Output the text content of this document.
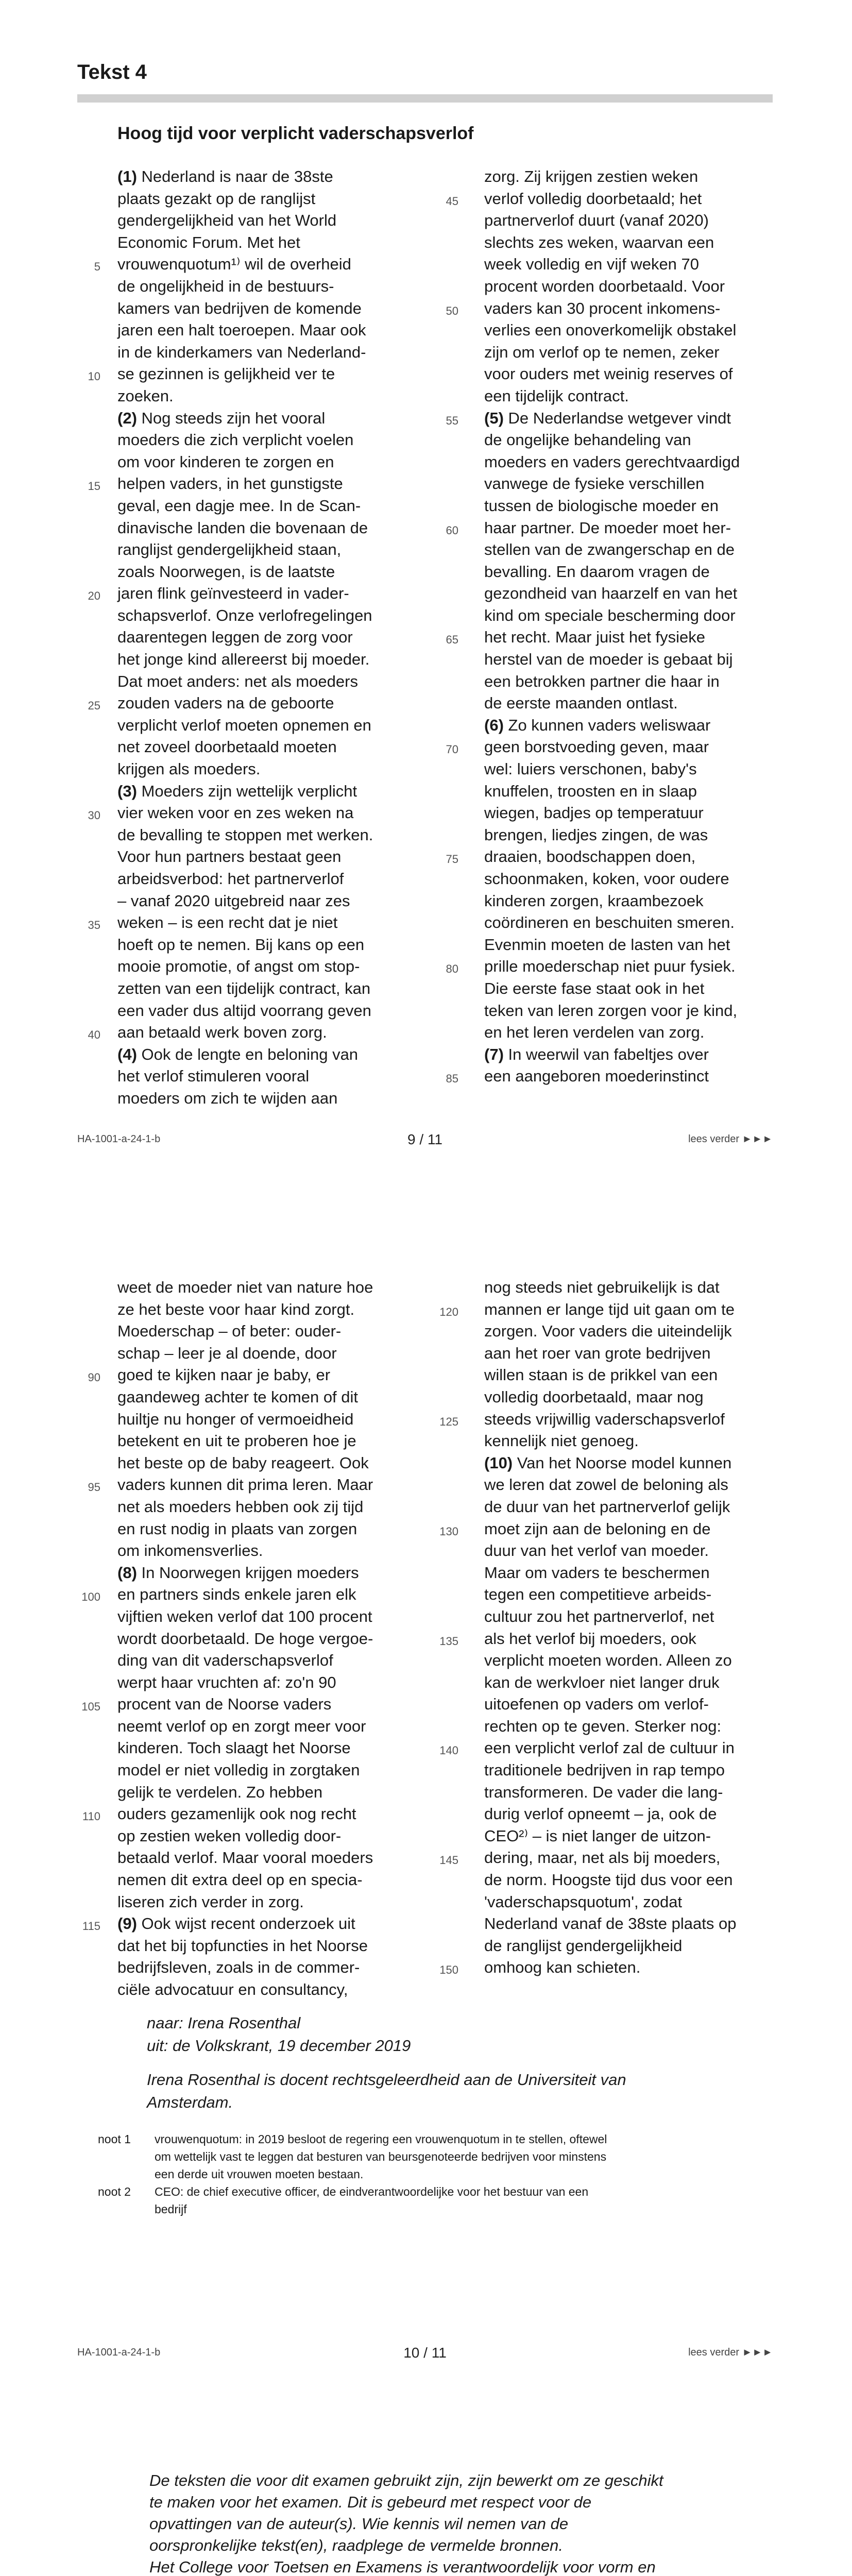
Tekst 4
Hoog tijd voor verplicht vaderschapsverlof
(1) Nederland is naar de 38ste
plaats gezakt op de ranglijst
gendergelijkheid van het World
Economic Forum. Met het
5 vrouwenquotum¹⁾ wil de overheid
de ongelijkheid in de bestuurs-
kamers van bedrijven de komende
jaren een halt toeroepen. Maar ook
in de kinderkamers van Nederland-
10 se gezinnen is gelijkheid ver te
zoeken.
(2) Nog steeds zijn het vooral
moeders die zich verplicht voelen
om voor kinderen te zorgen en
15 helpen vaders, in het gunstigste
geval, een dagje mee. In de Scan-
dinavische landen die bovenaan de
ranglijst gendergelijkheid staan,
zoals Noorwegen, is de laatste
20 jaren flink geïnvesteerd in vader-
schapsverlof. Onze verlofregelingen
daarentegen leggen de zorg voor
het jonge kind allereerst bij moeder.
Dat moet anders: net als moeders
25 zouden vaders na de geboorte
verplicht verlof moeten opnemen en
net zoveel doorbetaald moeten
krijgen als moeders.
(3) Moeders zijn wettelijk verplicht
30 vier weken voor en zes weken na
de bevalling te stoppen met werken.
Voor hun partners bestaat geen
arbeidsverbod: het partnerverlof
– vanaf 2020 uitgebreid naar zes
35 weken – is een recht dat je niet
hoeft op te nemen. Bij kans op een
mooie promotie, of angst om stop-
zetten van een tijdelijk contract, kan
een vader dus altijd voorrang geven
40 aan betaald werk boven zorg.
(4) Ook de lengte en beloning van
het verlof stimuleren vooral
moeders om zich te wijden aan
zorg. Zij krijgen zestien weken
45 verlof volledig doorbetaald; het
partnerverlof duurt (vanaf 2020)
slechts zes weken, waarvan een
week volledig en vijf weken 70
procent worden doorbetaald. Voor
50 vaders kan 30 procent inkomens-
verlies een onoverkomelijk obstakel
zijn om verlof op te nemen, zeker
voor ouders met weinig reserves of
een tijdelijk contract.
55 (5) De Nederlandse wetgever vindt
de ongelijke behandeling van
moeders en vaders gerechtvaardigd
vanwege de fysieke verschillen
tussen de biologische moeder en
60 haar partner. De moeder moet her-
stellen van de zwangerschap en de
bevalling. En daarom vragen de
gezondheid van haarzelf en van het
kind om speciale bescherming door
65 het recht. Maar juist het fysieke
herstel van de moeder is gebaat bij
een betrokken partner die haar in
de eerste maanden ontlast.
(6) Zo kunnen vaders weliswaar
70 geen borstvoeding geven, maar
wel: luiers verschonen, baby's
knuffelen, troosten en in slaap
wiegen, badjes op temperatuur
brengen, liedjes zingen, de was
75 draaien, boodschappen doen,
schoonmaken, koken, voor oudere
kinderen zorgen, kraambezoek
coördineren en beschuiten smeren.
Evenmin moeten de lasten van het
80 prille moederschap niet puur fysiek.
Die eerste fase staat ook in het
teken van leren zorgen voor je kind,
en het leren verdelen van zorg.
(7) In weerwil van fabeltjes over
85 een aangeboren moederinstinct
HA-1001-a-24-1-b	9 / 11	lees verder ►►►
weet de moeder niet van nature hoe
ze het beste voor haar kind zorgt.
Moederschap – of beter: ouder-
schap – leer je al doende, door
90 goed te kijken naar je baby, er
gaandeweg achter te komen of dit
huiltje nu honger of vermoeidheid
betekent en uit te proberen hoe je
het beste op de baby reageert. Ook
95 vaders kunnen dit prima leren. Maar
net als moeders hebben ook zij tijd
en rust nodig in plaats van zorgen
om inkomensverlies.
(8) In Noorwegen krijgen moeders
100 en partners sinds enkele jaren elk
vijftien weken verlof dat 100 procent
wordt doorbetaald. De hoge vergoe-
ding van dit vaderschapsverlof
werpt haar vruchten af: zo'n 90
105 procent van de Noorse vaders
neemt verlof op en zorgt meer voor
kinderen. Toch slaagt het Noorse
model er niet volledig in zorgtaken
gelijk te verdelen. Zo hebben
110 ouders gezamenlijk ook nog recht
op zestien weken volledig door-
betaald verlof. Maar vooral moeders
nemen dit extra deel op en specia-
liseren zich verder in zorg.
115 (9) Ook wijst recent onderzoek uit
dat het bij topfuncties in het Noorse
bedrijfsleven, zoals in de commer-
ciële advocatuur en consultancy,
nog steeds niet gebruikelijk is dat
120 mannen er lange tijd uit gaan om te
zorgen. Voor vaders die uiteindelijk
aan het roer van grote bedrijven
willen staan is de prikkel van een
volledig doorbetaald, maar nog
125 steeds vrijwillig vaderschapsverlof
kennelijk niet genoeg.
(10) Van het Noorse model kunnen
we leren dat zowel de beloning als
de duur van het partnerverlof gelijk
130 moet zijn aan de beloning en de
duur van het verlof van moeder.
Maar om vaders te beschermen
tegen een competitieve arbeids-
cultuur zou het partnerverlof, net
135 als het verlof bij moeders, ook
verplicht moeten worden. Alleen zo
kan de werkvloer niet langer druk
uitoefenen op vaders om verlof-
rechten op te geven. Sterker nog:
140 een verplicht verlof zal de cultuur in
traditionele bedrijven in rap tempo
transformeren. De vader die lang-
durig verlof opneemt – ja, ook de
CEO²⁾ – is niet langer de uitzon-
145 dering, maar, net als bij moeders,
de norm. Hoogste tijd dus voor een
'vaderschapsquotum', zodat
Nederland vanaf de 38ste plaats op
de ranglijst gendergelijkheid
150 omhoog kan schieten.
naar: Irena Rosenthal
uit: de Volkskrant, 19 december 2019
Irena Rosenthal is docent rechtsgeleerdheid aan de Universiteit van
Amsterdam.
noot 1 vrouwenquotum: in 2019 besloot de regering een vrouwenquotum in te stellen, oftewel
om wettelijk vast te leggen dat besturen van beursgenoteerde bedrijven voor minstens
een derde uit vrouwen moeten bestaan.
noot 2 CEO: de chief executive officer, de eindverantwoordelijke voor het bestuur van een
bedrijf
HA-1001-a-24-1-b	10 / 11	lees verder ►►►

De teksten die voor dit examen gebruikt zijn, zijn bewerkt om ze geschikt

te maken voor het examen. Dit is gebeurd met respect voor de

opvattingen van de auteur(s). Wie kennis wil nemen van de

oorspronkelijke tekst(en), raadplege de vermelde bronnen.

Het College voor Toetsen en Examens is verantwoordelijk voor vorm en
